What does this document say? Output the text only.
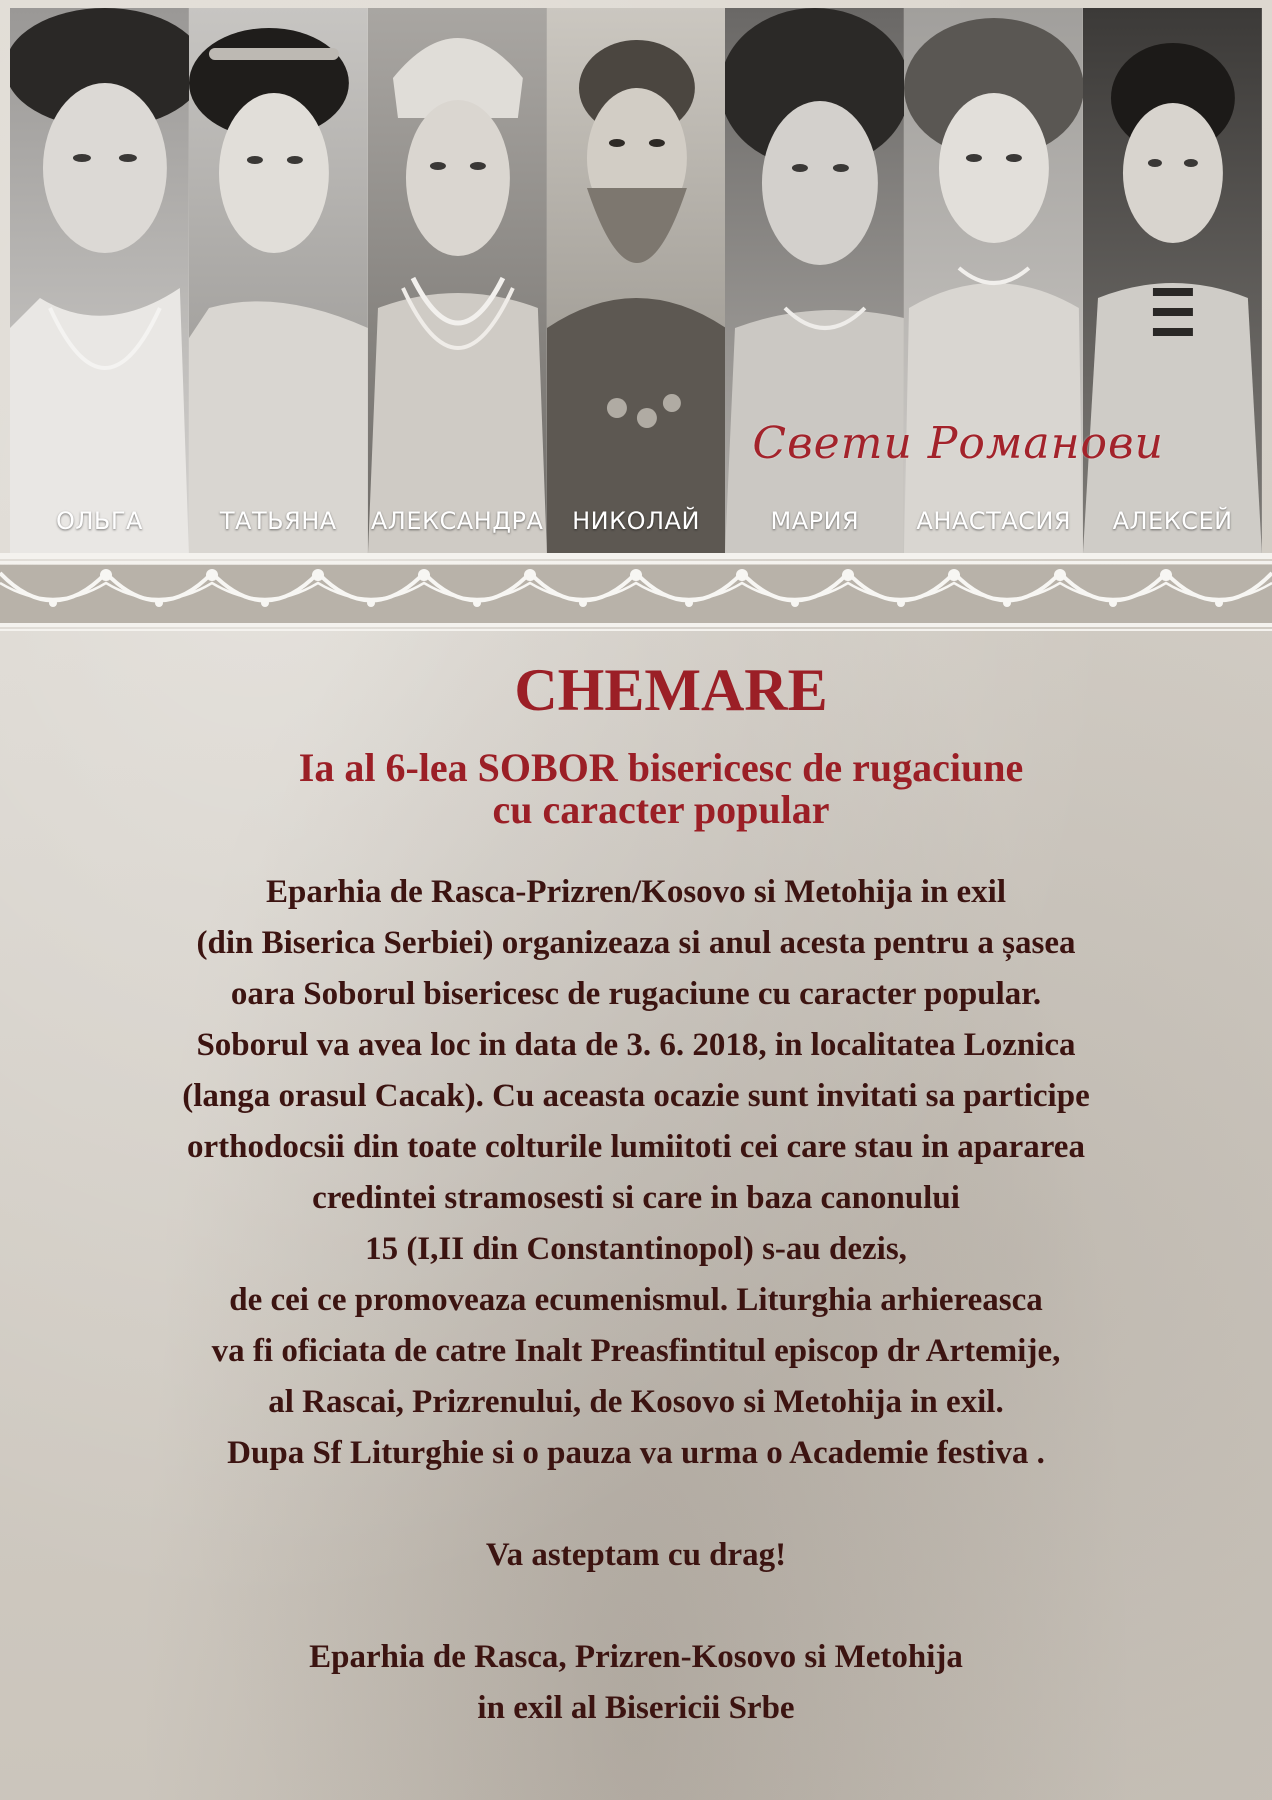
ОЛЬГА	ТАТЬЯНА	АЛЕКСАНДРА	НИКОЛАЙ	МАРИЯ	АНАСТАСИЯ	АЛЕКСЕЙ
Свети Романови
CHEMARE
Ia al 6-lea SOBOR bisericesc de rugaciune
cu caracter popular
Eparhia de Rasca-Prizren/Kosovo si Metohija in exil
(din Biserica Serbiei) organizeaza si anul acesta pentru a șasea
oara Soborul bisericesc de rugaciune cu caracter popular.
Soborul va avea loc in data de 3. 6. 2018, in localitatea Loznica
(langa orasul Cacak). Cu aceasta ocazie sunt invitati sa participe
orthodocsii din toate colturile lumiitoti cei care stau in apararea
credintei stramosesti si care in baza canonului
15 (I,II din Constantinopol) s-au dezis,
de cei ce promoveaza ecumenismul. Liturghia arhiereasca
va fi oficiata de catre Inalt Preasfintitul episcop dr Artemije,
al Rascai, Prizrenului, de Kosovo si Metohija in exil.
Dupa Sf Liturghie si o pauza va urma o Academie festiva .
Va asteptam cu drag!
Eparhia de Rasca, Prizren-Kosovo si Metohija
in exil al Bisericii Srbe
